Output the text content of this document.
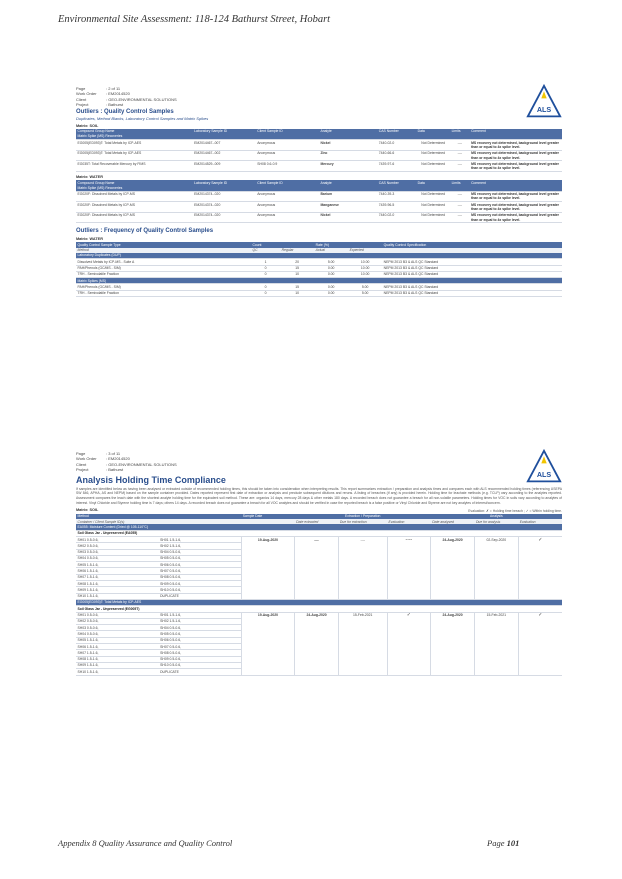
Environmental Site Assessment: 118-124 Bathurst Street, Hobart
Page	: 2 of 11
Work Order	: EM2014520
Client	: GEO-ENVIRONMENTAL SOLUTIONS
Project	: Bathurst
ALS
Outliers : Quality Control Samples
Duplicates, Method Blanks, Laboratory Control Samples and Matrix Spikes
Matrix: SOIL
Compound Group Name	Laboratory Sample ID	Client Sample ID	Analyte	CAS Number	Data	Limits	Comment
Matrix Spike (MS) Recoveries							
EG005(ED093)T: Total Metals by ICP-AES	EM2014467--007	Anonymous	Nickel	7440-02-0	Not Determined	----	MS recovery not determined, background level greater than or equal to 4x spike level.
EG005(ED093)T: Total Metals by ICP-AES	EM2014467--002	Anonymous	Zinc	7440-66-6	Not Determined	----	MS recovery not determined, background level greater than or equal to 4x spike level.
EG035T: Total Recoverable Mercury by FIMS	EM2014529--009	SH08 0.6-0.9	Mercury	7439-97-6	Not Determined	----	MS recovery not determined, background level greater than or equal to 4x spike level.
Matrix: WATER
Compound Group Name	Laboratory Sample ID	Client Sample ID	Analyte	CAS Number	Data	Limits	Comment
Matrix Spike (MS) Recoveries							
EG020F: Dissolved Metals by ICP-MS	EM2014374--020	Anonymous	Barium	7440-39-3	Not Determined	----	MS recovery not determined, background level greater than or equal to 4x spike level.
EG020F: Dissolved Metals by ICP-MS	EM2014374--020	Anonymous	Manganese	7439-96-5	Not Determined	----	MS recovery not determined, background level greater than or equal to 4x spike level.
EG020F: Dissolved Metals by ICP-MS	EM2014374--020	Anonymous	Nickel	7440-02-0	Not Determined	----	MS recovery not determined, background level greater than or equal to 4x spike level.
Outliers : Frequency of Quality Control Samples
Matrix: WATER
Quality Control Sample Type	Count		Rate (%)		Quality Control Specification
Method	QC	Regular	Actual	Expected	
Laboratory Duplicates (DUP)					
Dissolved Metals by ICP-MS - Suite A	1	20	5.00	10.00	NEPM 2013 B3 & ALS QC Standard
PAH/Phenols (GC/MS - SIM)	0	15	0.00	10.00	NEPM 2013 B3 & ALS QC Standard
TRH - Semivolatile Fraction	0	10	0.00	10.00	NEPM 2013 B3 & ALS QC Standard
Matrix Spikes (MS)					
PAH/Phenols (GC/MS - SIM)	0	15	0.00	5.00	NEPM 2013 B3 & ALS QC Standard
TRH - Semivolatile Fraction	0	10	0.00	5.00	NEPM 2013 B3 & ALS QC Standard
Page	: 3 of 11
Work Order	: EM2014520
Client	: GEO-ENVIRONMENTAL SOLUTIONS
Project	: Bathurst
ALS
Analysis Holding Time Compliance
If samples are identified below as having been analysed or extracted outside of recommended holding times, this should be taken into consideration when interpreting results. This report summarizes extraction / preparation and analysis times and compares each with ALS recommended holding times (referencing USEPA SW 846, APHA, AS and NEPM) based on the sample container provided. Dates reported represent first date of extraction or analysis and preclude subsequent dilutions and reruns. A listing of breaches (if any) is provided herein. Holding time for leachate methods (e.g. TCLP) vary according to the analytes reported. Assessment compares the leach date with the shortest analyte holding time for the equivalent soil method. These are: organics 14 days, mercury 28 days & other metals 180 days. A recorded breach does not guarantee a breach for all non-volatile parameters. Holding times for VOC in soils vary according to analytes of interest. Vinyl Chloride and Styrene holding time is 7 days; others 14 days. A recorded breach does not guarantee a breach for all VOC analytes and should be verified in case the reported breach is a false positive or Vinyl Chloride and Styrene are not key analytes of interest/concern.
Matrix: SOIL	Evaluation: ✗ = Holding time breach ; ✓ = Within holding time.
Method		Sample Date	Extraction / Preparation			Analysis		
Container / Client Sample ID(s)			Date extracted	Due for extraction	Evaluation	Date analysed	Due for analysis	Evaluation
EA055: Moisture Content (Dried @ 105-110°C)								
Soil Glass Jar - Unpreserved (EA055)								
SH01 0.5-0.6,	SH01 1.5-1.6,	19-Aug-2020	----	----	----	24-Aug-2020	02-Sep-2020	✓
SH02 0.5-0.6,	SH02 1.5-1.6,							
SH03 0.5-0.6,	SH04 0.5-0.6,							
SH04 0.5-0.6,	SH05 0.5-0.6,							
SH05 1.5-1.6,	SH06 0.5-0.6,							
SH06 1.5-1.6,	SH07 0.5-0.6,							
SH07 1.5-1.6,	SH08 0.5-0.6,							
SH08 1.5-1.6,	SH09 0.5-0.6,							
SH09 1.5-1.6,	SH10 0.5-0.6,							
SH10 1.5-1.6,	DUPLICATE							
EG005(ED093)T: Total Metals by ICP-AES								
Soil Glass Jar - Unpreserved (EG005T)								
SH01 0.5-0.6,	SH01 1.5-1.6,	19-Aug-2020	24-Aug-2020	15-Feb-2021	✓	24-Aug-2020	15-Feb-2021	✓
SH02 0.5-0.6,	SH02 1.5-1.6,							
SH03 0.5-0.6,	SH04 0.5-0.6,							
SH04 0.5-0.6,	SH05 0.5-0.6,							
SH05 1.5-1.6,	SH06 0.5-0.6,							
SH06 1.5-1.6,	SH07 0.5-0.6,							
SH07 1.5-1.6,	SH08 0.5-0.6,							
SH08 1.5-1.6,	SH09 0.5-0.6,							
SH09 1.5-1.6,	SH10 0.5-0.6,							
SH10 1.5-1.6,	DUPLICATE							
Appendix 8 Quality Assurance and Quality Control	Page 101
